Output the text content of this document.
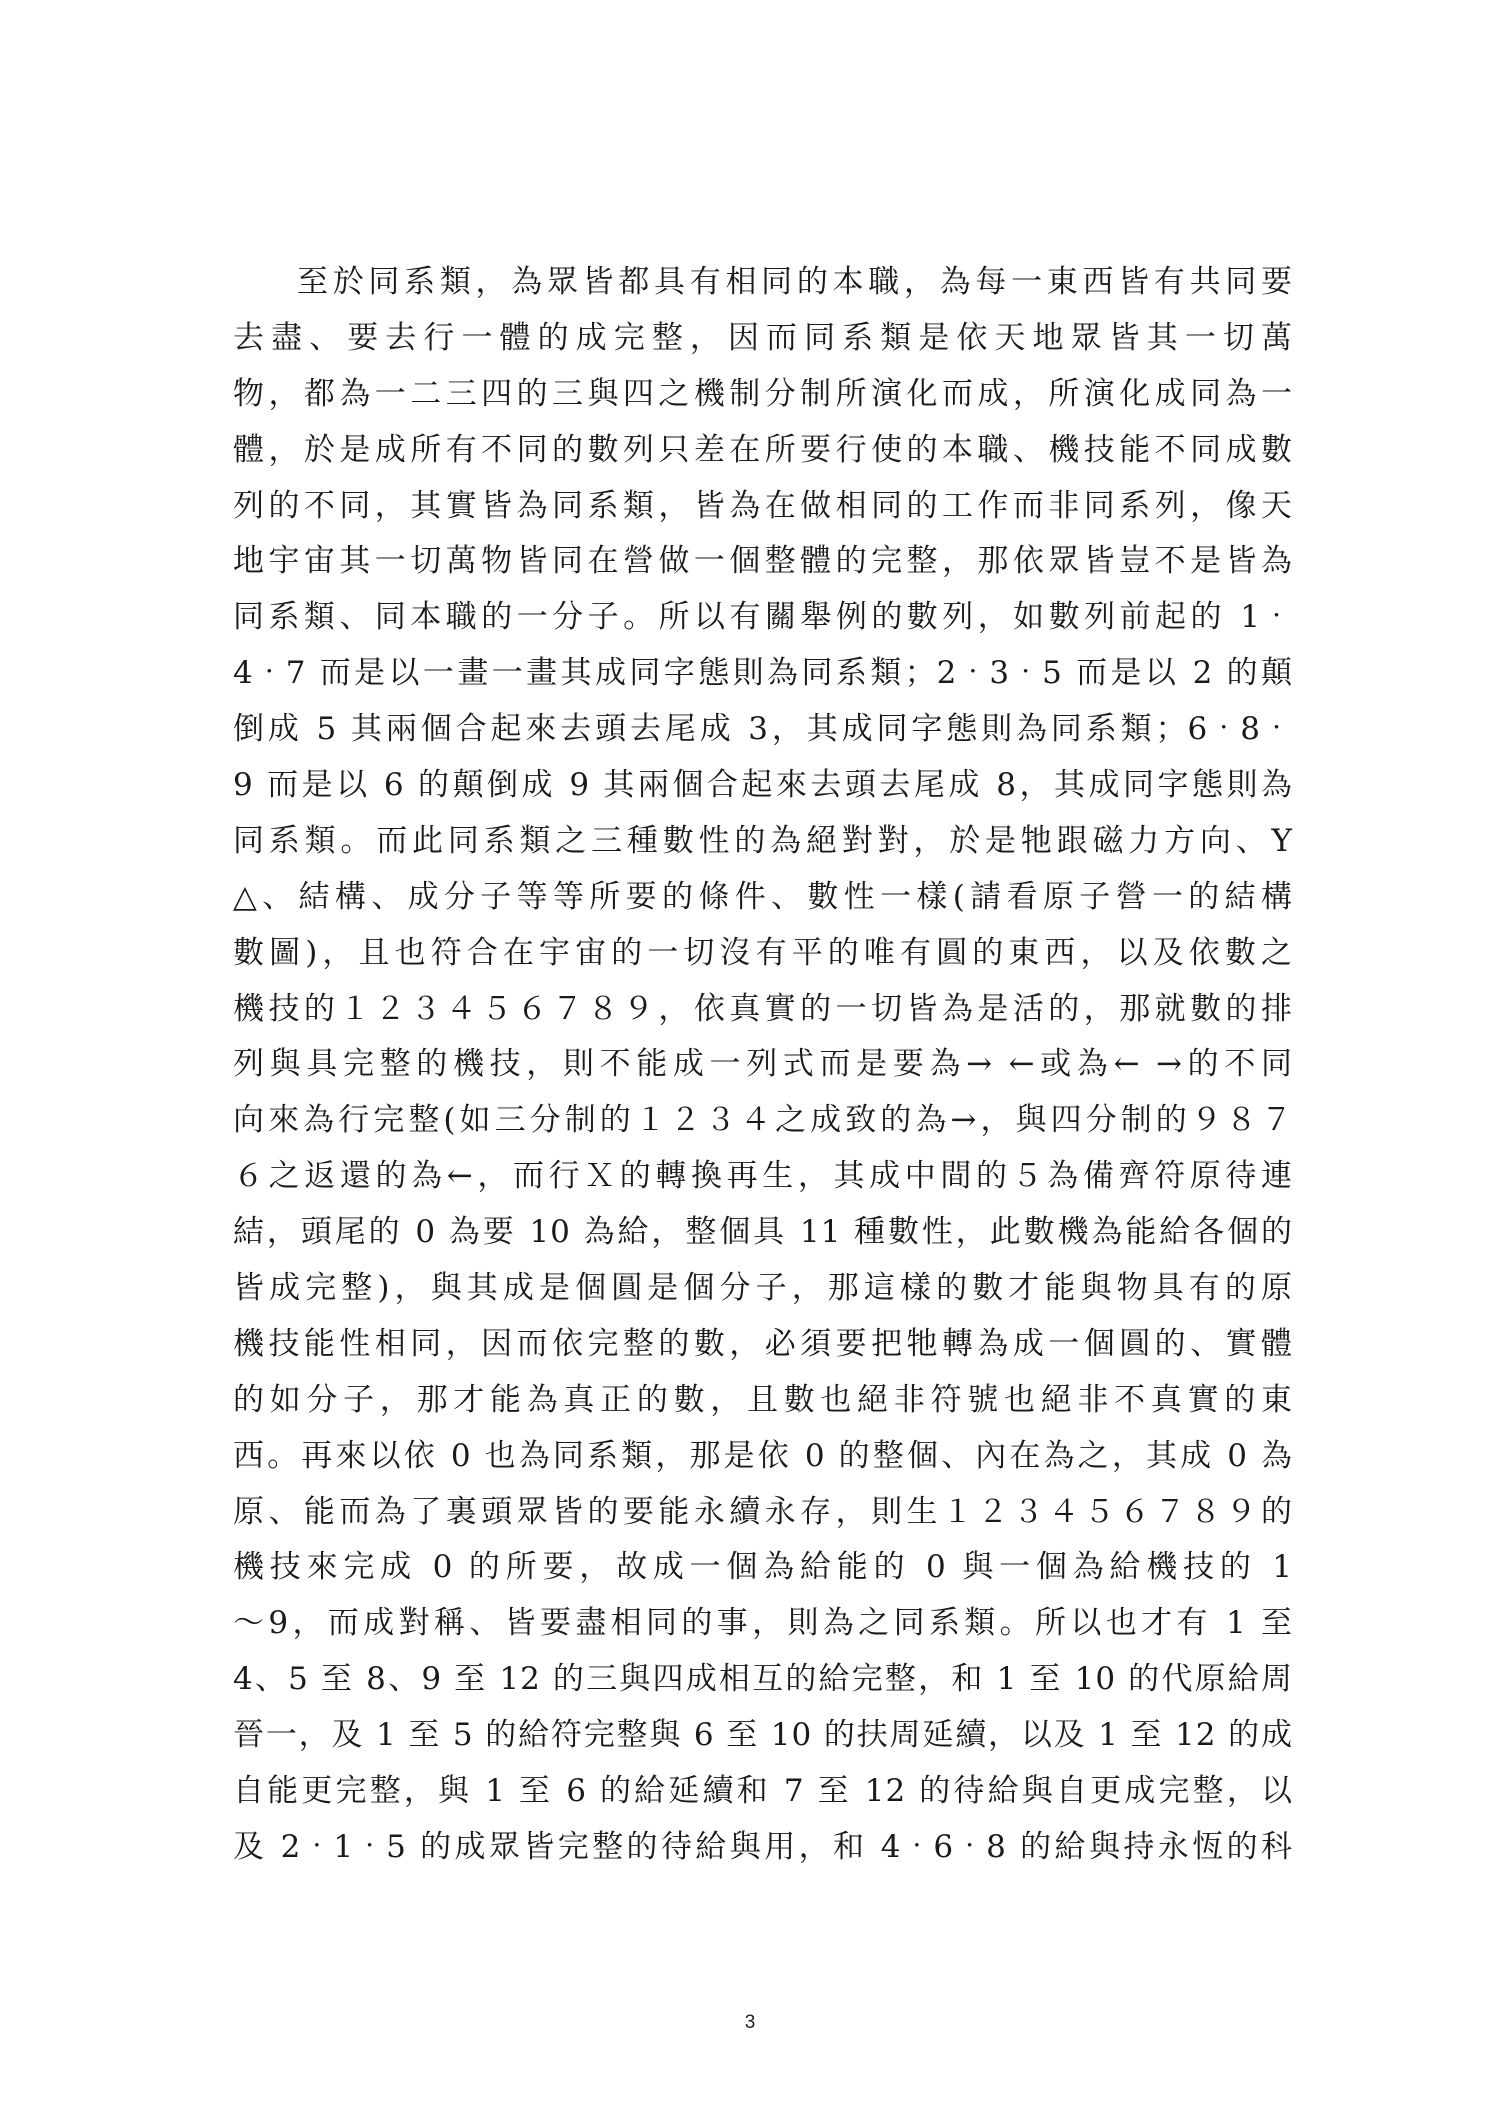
至於同系類，為眾皆都具有相同的本職，為每一東西皆有共同要
去盡、要去行一體的成完整，因而同系類是依天地眾皆其一切萬
物，都為一二三四的三與四之機制分制所演化而成，所演化成同為一
體，於是成所有不同的數列只差在所要行使的本職、機技能不同成數
列的不同，其實皆為同系類，皆為在做相同的工作而非同系列，像天
地宇宙其一切萬物皆同在營做一個整體的完整，那依眾皆豈不是皆為
同系類、同本職的一分子。所以有關舉例的數列，如數列前起的 1‧
4‧7 而是以一畫一畫其成同字態則為同系類；2‧3‧5 而是以 2 的顛
倒成 5 其兩個合起來去頭去尾成 3，其成同字態則為同系類；6‧8‧
9 而是以 6 的顛倒成 9 其兩個合起來去頭去尾成 8，其成同字態則為
同系類。而此同系類之三種數性的為絕對對，於是牠跟磁力方向、Y
△、結構、成分子等等所要的條件、數性一樣(請看原子營一的結構
數圖)，且也符合在宇宙的一切沒有平的唯有圓的東西，以及依數之
機技的１２３４５６７８９，依真實的一切皆為是活的，那就數的排
列與具完整的機技，則不能成一列式而是要為→ ←或為← →的不同
向來為行完整(如三分制的１２３４之成致的為→，與四分制的９８７
６之返還的為←，而行Ｘ的轉換再生，其成中間的５為備齊符原待連
結，頭尾的 0 為要 10 為給，整個具 11 種數性，此數機為能給各個的
皆成完整)，與其成是個圓是個分子，那這樣的數才能與物具有的原
機技能性相同，因而依完整的數，必須要把牠轉為成一個圓的、實體
的如分子，那才能為真正的數，且數也絕非符號也絕非不真實的東
西。再來以依 0 也為同系類，那是依 0 的整個、內在為之，其成 0 為
原、能而為了裏頭眾皆的要能永續永存，則生１２３４５６７８９的
機技來完成 0 的所要，故成一個為給能的 0 與一個為給機技的 1
～9，而成對稱、皆要盡相同的事，則為之同系類。所以也才有 1 至
4、5 至 8、9 至 12 的三與四成相互的給完整，和 1 至 10 的代原給周
晉一，及 1 至 5 的給符完整與 6 至 10 的扶周延續，以及 1 至 12 的成
自能更完整，與 1 至 6 的給延續和 7 至 12 的待給與自更成完整，以
及 2‧1‧5 的成眾皆完整的待給與用，和 4‧6‧8 的給與持永恆的科
3
